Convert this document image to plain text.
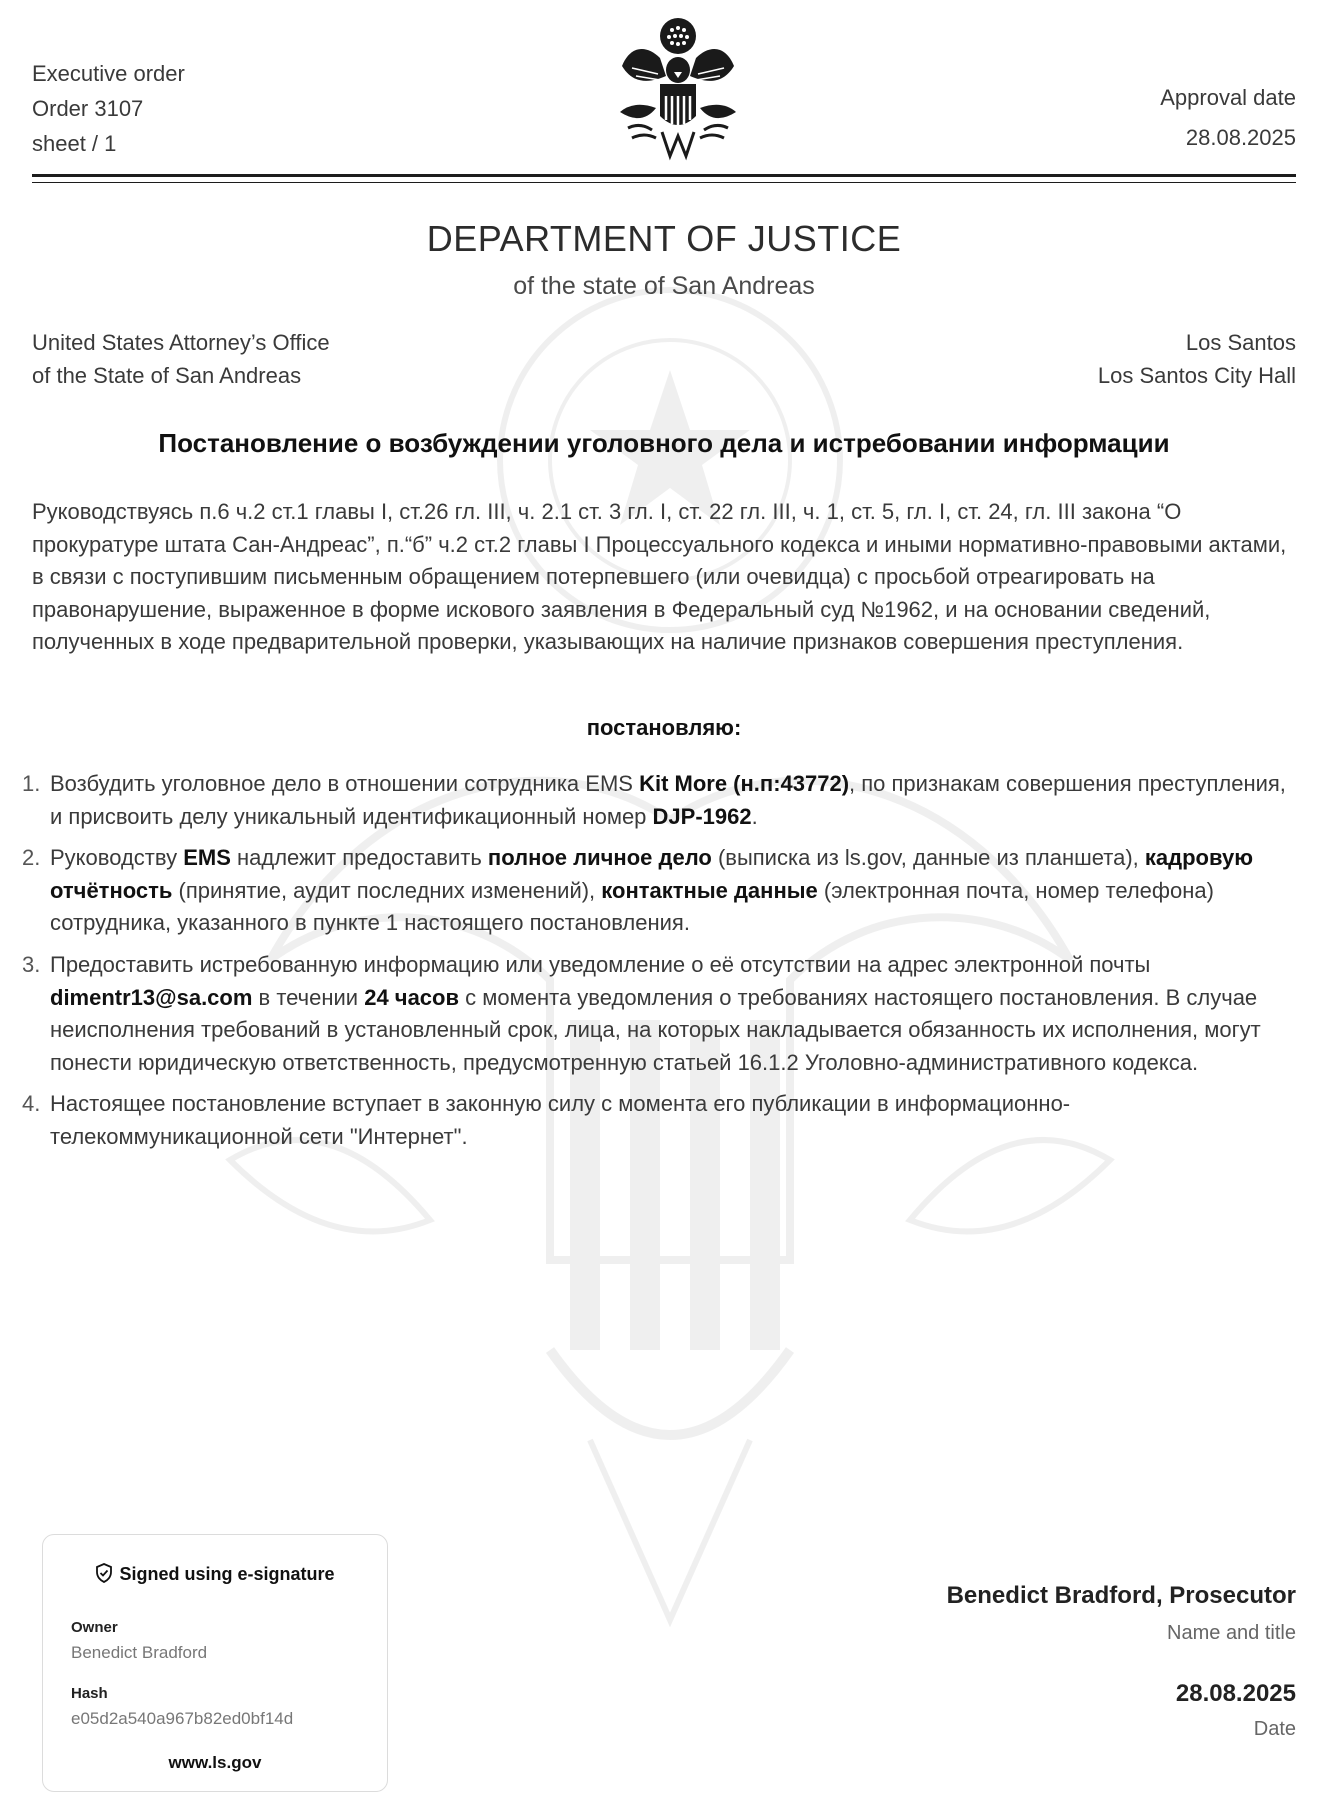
Executive order
Order 3107
sheet / 1
Approval date
28.08.2025
DEPARTMENT OF JUSTICE
of the state of San Andreas
United States Attorney’s Office
of the State of San Andreas
Los Santos
Los Santos City Hall
Постановление о возбуждении уголовного дела и истребовании информации
Руководствуясь п.6 ч.2 ст.1 главы I, ст.26 гл. III, ч. 2.1 ст. 3 гл. I, ст. 22 гл. III, ч. 1, ст. 5, гл. I, ст. 24, гл. III закона “О прокуратуре штата Сан-Андреас”, п.“б” ч.2 ст.2 главы I Процессуального кодекса и иными нормативно-правовыми актами, в связи с поступившим письменным обращением потерпевшего (или очевидца) с просьбой отреагировать на правонарушение, выраженное в форме искового заявления в Федеральный суд №1962, и на основании сведений, полученных в ходе предварительной проверки, указывающих на наличие признаков совершения преступления.
постановляю:
1. Возбудить уголовное дело в отношении сотрудника EMS Kit More (н.п:43772), по признакам совершения преступления, и присвоить делу уникальный идентификационный номер DJP-1962.
2. Руководству EMS надлежит предоставить полное личное дело (выписка из ls.gov, данные из планшета), кадровую отчётность (принятие, аудит последних изменений), контактные данные (электронная почта, номер телефона) сотрудника, указанного в пункте 1 настоящего постановления.
3. Предоставить истребованную информацию или уведомление о её отсутствии на адрес электронной почты dimentr13@sa.com в течении 24 часов с момента уведомления о требованиях настоящего постановления. В случае неисполнения требований в установленный срок, лица, на которых накладывается обязанность их исполнения, могут понести юридическую ответственность, предусмотренную статьей 16.1.2 Уголовно-административного кодекса.
4. Настоящее постановление вступает в законную силу с момента его публикации в информационно-телекоммуникационной сети "Интернет".
Signed using e-signature
Owner
Benedict Bradford
Hash
e05d2a540a967b82ed0bf14d
www.ls.gov
Benedict Bradford, Prosecutor
Name and title
28.08.2025
Date
